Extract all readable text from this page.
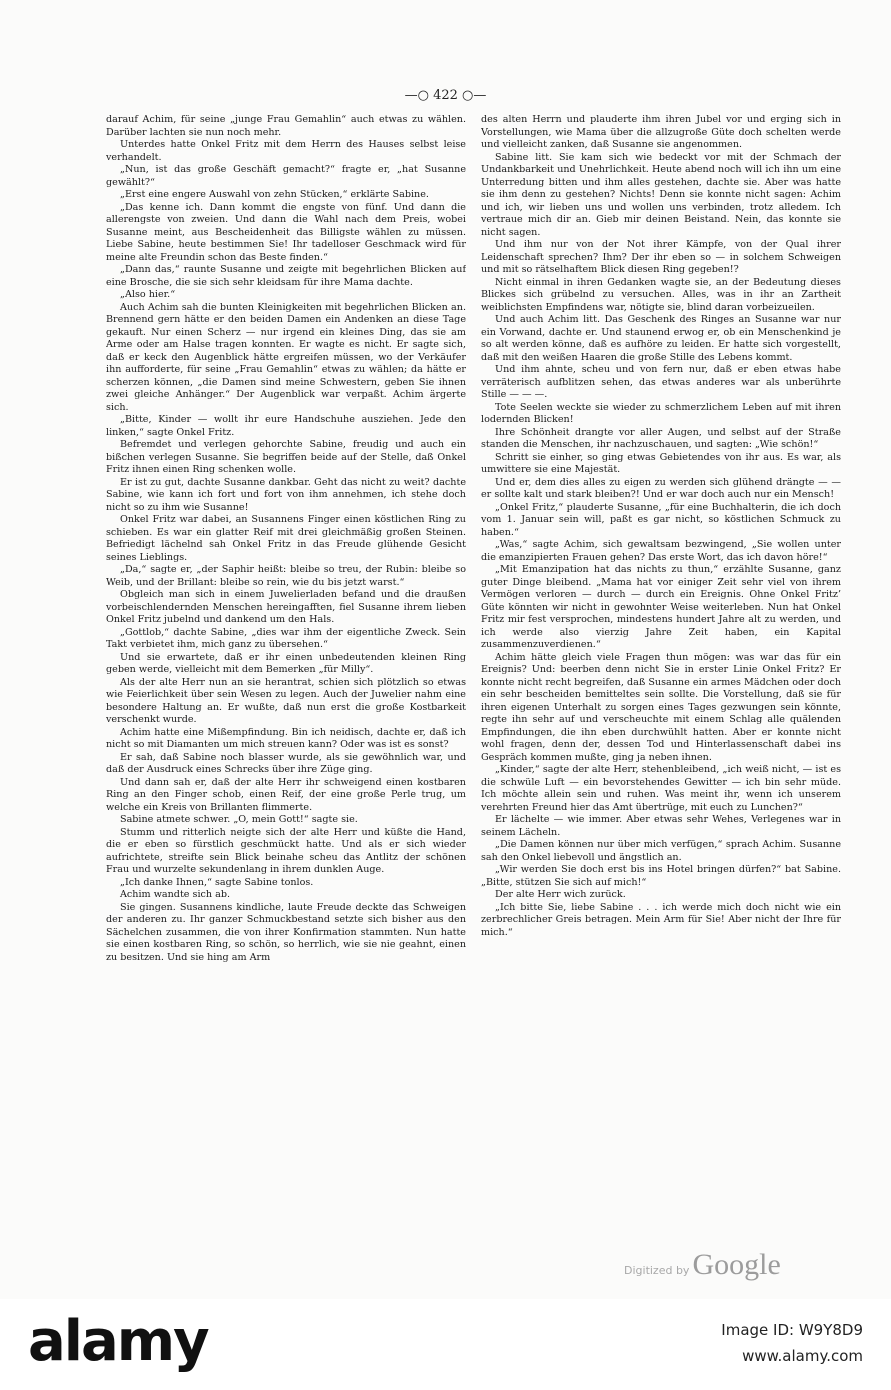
—○ 422 ○—

darauf Achim, für seine „junge Frau Gemahlin“ auch etwas zu wählen. Darüber lachten sie nun noch mehr.

Unterdes hatte Onkel Fritz mit dem Herrn des Hauses selbst leise verhandelt.

„Nun, ist das große Geschäft gemacht?“ fragte er, „hat Susanne gewählt?“

„Erst eine engere Auswahl von zehn Stücken,“ erklärte Sabine.

„Das kenne ich. Dann kommt die engste von fünf. Und dann die allerengste von zweien. Und dann die Wahl nach dem Preis, wobei Susanne meint, aus Bescheidenheit das Billigste wählen zu müssen. Liebe Sabine, heute bestimmen Sie! Ihr tadelloser Geschmack wird für meine alte Freundin schon das Beste finden.“

„Dann das,“ raunte Susanne und zeigte mit begehrlichen Blicken auf eine Brosche, die sie sich sehr kleidsam für ihre Mama dachte.

„Also hier.“

Auch Achim sah die bunten Kleinigkeiten mit begehrlichen Blicken an. Brennend gern hätte er den beiden Damen ein Andenken an diese Tage gekauft. Nur einen Scherz — nur irgend ein kleines Ding, das sie am Arme oder am Halse tragen konnten. Er wagte es nicht. Er sagte sich, daß er keck den Augenblick hätte ergreifen müssen, wo der Verkäufer ihn aufforderte, für seine „Frau Gemahlin“ etwas zu wählen; da hätte er scherzen können, „die Damen sind meine Schwestern, geben Sie ihnen zwei gleiche Anhänger.“ Der Augenblick war verpaßt. Achim ärgerte sich.

„Bitte, Kinder — wollt ihr eure Handschuhe ausziehen. Jede den linken,“ sagte Onkel Fritz.

Befremdet und verlegen gehorchte Sabine, freudig und auch ein bißchen verlegen Susanne. Sie begriffen beide auf der Stelle, daß Onkel Fritz ihnen einen Ring schenken wolle.

Er ist zu gut, dachte Susanne dankbar. Geht das nicht zu weit? dachte Sabine, wie kann ich fort und fort von ihm annehmen, ich stehe doch nicht so zu ihm wie Susanne!

Onkel Fritz war dabei, an Susannens Finger einen köstlichen Ring zu schieben. Es war ein glatter Reif mit drei gleichmäßig großen Steinen. Befriedigt lächelnd sah Onkel Fritz in das Freude glühende Gesicht seines Lieblings.

„Da,“ sagte er, „der Saphir heißt: bleibe so treu, der Rubin: bleibe so Weib, und der Brillant: bleibe so rein, wie du bis jetzt warst.“

Obgleich man sich in einem Juwelierladen befand und die draußen vorbeischlendernden Menschen hereingafften, fiel Susanne ihrem lieben Onkel Fritz jubelnd und dankend um den Hals.

„Gottlob,“ dachte Sabine, „dies war ihm der eigentliche Zweck. Sein Takt verbietet ihm, mich ganz zu übersehen.“

Und sie erwartete, daß er ihr einen unbedeutenden kleinen Ring geben werde, vielleicht mit dem Bemerken „für Milly“.

Als der alte Herr nun an sie herantrat, schien sich plötzlich so etwas wie Feierlichkeit über sein Wesen zu legen. Auch der Juwelier nahm eine besondere Haltung an. Er wußte, daß nun erst die große Kostbarkeit verschenkt wurde.

Achim hatte eine Mißempfindung. Bin ich neidisch, dachte er, daß ich nicht so mit Diamanten um mich streuen kann? Oder was ist es sonst?

Er sah, daß Sabine noch blasser wurde, als sie gewöhnlich war, und daß der Ausdruck eines Schrecks über ihre Züge ging.

Und dann sah er, daß der alte Herr ihr schweigend einen kostbaren Ring an den Finger schob, einen Reif, der eine große Perle trug, um welche ein Kreis von Brillanten flimmerte.

Sabine atmete schwer. „O, mein Gott!“ sagte sie.

Stumm und ritterlich neigte sich der alte Herr und küßte die Hand, die er eben so fürstlich geschmückt hatte. Und als er sich wieder aufrichtete, streifte sein Blick beinahe scheu das Antlitz der schönen Frau und wurzelte sekundenlang in ihrem dunklen Auge.

„Ich danke Ihnen,“ sagte Sabine tonlos.

Achim wandte sich ab.

Sie gingen. Susannens kindliche, laute Freude deckte das Schweigen der anderen zu. Ihr ganzer Schmuckbestand setzte sich bisher aus den Sächelchen zusammen, die von ihrer Konfirmation stammten. Nun hatte sie einen kostbaren Ring, so schön, so herrlich, wie sie nie geahnt, einen zu besitzen. Und sie hing am Arm

des alten Herrn und plauderte ihm ihren Jubel vor und erging sich in Vorstellungen, wie Mama über die allzugroße Güte doch schelten werde und vielleicht zanken, daß Susanne sie angenommen.

Sabine litt. Sie kam sich wie bedeckt vor mit der Schmach der Undankbarkeit und Unehrlichkeit. Heute abend noch will ich ihn um eine Unterredung bitten und ihm alles gestehen, dachte sie. Aber was hatte sie ihm denn zu gestehen? Nichts! Denn sie konnte nicht sagen: Achim und ich, wir lieben uns und wollen uns verbinden, trotz alledem. Ich vertraue mich dir an. Gieb mir deinen Beistand. Nein, das konnte sie nicht sagen.

Und ihm nur von der Not ihrer Kämpfe, von der Qual ihrer Leidenschaft sprechen? Ihm? Der ihr eben so — in solchem Schweigen und mit so rätselhaftem Blick diesen Ring gegeben!?

Nicht einmal in ihren Gedanken wagte sie, an der Bedeutung dieses Blickes sich grübelnd zu versuchen. Alles, was in ihr an Zartheit weiblichsten Empfindens war, nötigte sie, blind daran vorbeizueilen.

Und auch Achim litt. Das Geschenk des Ringes an Susanne war nur ein Vorwand, dachte er. Und staunend erwog er, ob ein Menschenkind je so alt werden könne, daß es aufhöre zu leiden. Er hatte sich vorgestellt, daß mit den weißen Haaren die große Stille des Lebens kommt.

Und ihm ahnte, scheu und von fern nur, daß er eben etwas habe verräterisch aufblitzen sehen, das etwas anderes war als unberührte Stille — — —.

Tote Seelen weckte sie wieder zu schmerzlichem Leben auf mit ihren lodernden Blicken!

Ihre Schönheit drangte vor aller Augen, und selbst auf der Straße standen die Menschen, ihr nachzuschauen, und sagten: „Wie schön!“

Schritt sie einher, so ging etwas Gebietendes von ihr aus. Es war, als umwittere sie eine Majestät.

Und er, dem dies alles zu eigen zu werden sich glühend drängte — — er sollte kalt und stark bleiben?! Und er war doch auch nur ein Mensch!

„Onkel Fritz,“ plauderte Susanne, „für eine Buchhalterin, die ich doch vom 1. Januar sein will, paßt es gar nicht, so köstlichen Schmuck zu haben.“

„Was,“ sagte Achim, sich gewaltsam bezwingend, „Sie wollen unter die emanzipierten Frauen gehen? Das erste Wort, das ich davon höre!“

„Mit Emanzipation hat das nichts zu thun,“ erzählte Susanne, ganz guter Dinge bleibend. „Mama hat vor einiger Zeit sehr viel von ihrem Vermögen verloren — durch — durch ein Ereignis. Ohne Onkel Fritz’ Güte könnten wir nicht in gewohnter Weise weiterleben. Nun hat Onkel Fritz mir fest versprochen, mindestens hundert Jahre alt zu werden, und ich werde also vierzig Jahre Zeit haben, ein Kapital zusammenzuverdienen.“

Achim hätte gleich viele Fragen thun mögen: was war das für ein Ereignis? Und: beerben denn nicht Sie in erster Linie Onkel Fritz? Er konnte nicht recht begreifen, daß Susanne ein armes Mädchen oder doch ein sehr bescheiden bemitteltes sein sollte. Die Vorstellung, daß sie für ihren eigenen Unterhalt zu sorgen eines Tages gezwungen sein könnte, regte ihn sehr auf und verscheuchte mit einem Schlag alle quälenden Empfindungen, die ihn eben durchwühlt hatten. Aber er konnte nicht wohl fragen, denn der, dessen Tod und Hinterlassenschaft dabei ins Gespräch kommen mußte, ging ja neben ihnen.

„Kinder,“ sagte der alte Herr, stehenbleibend, „ich weiß nicht, — ist es die schwüle Luft — ein bevorstehendes Gewitter — ich bin sehr müde. Ich möchte allein sein und ruhen. Was meint ihr, wenn ich unserem verehrten Freund hier das Amt übertrüge, mit euch zu Lunchen?“

Er lächelte — wie immer. Aber etwas sehr Wehes, Verlegenes war in seinem Lächeln.

„Die Damen können nur über mich verfügen,“ sprach Achim. Susanne sah den Onkel liebevoll und ängstlich an.

„Wir werden Sie doch erst bis ins Hotel bringen dürfen?“ bat Sabine. „Bitte, stützen Sie sich auf mich!“

Der alte Herr wich zurück.

„Ich bitte Sie, liebe Sabine . . . ich werde mich doch nicht wie ein zerbrechlicher Greis betragen. Mein Arm für Sie! Aber nicht der Ihre für mich.“

Digitized by Google
alamy	Image ID: W9Y8D9
www.alamy.com
